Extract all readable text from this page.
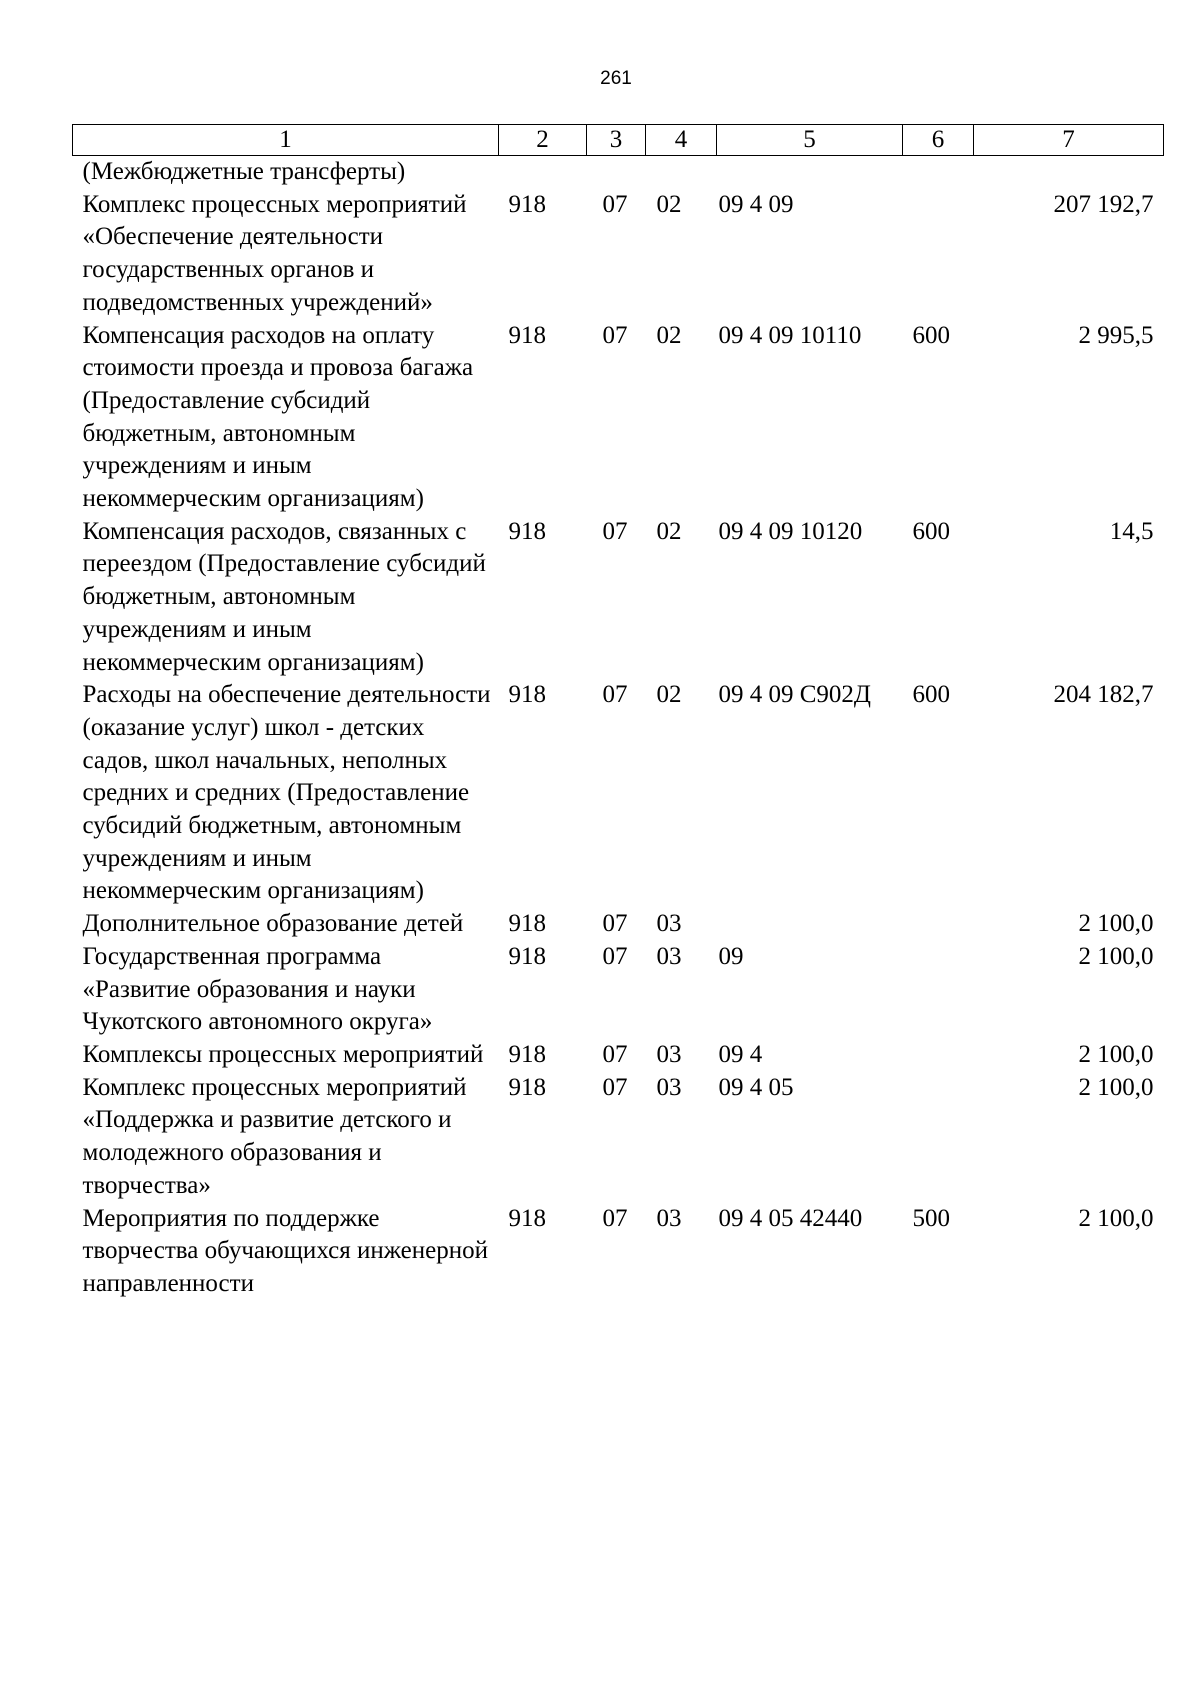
261
1	2	3	4	5	6	7
(Межбюджетные трансферты)						
Комплекс процессных мероприятий «Обеспечение деятельности государственных органов и подведомственных учреждений»	918	07	02	09 4 09		207 192,7
Компенсация расходов на оплату стоимости проезда и провоза багажа (Предоставление субсидий бюджетным, автономным учреждениям и иным некоммерческим организациям)	918	07	02	09 4 09 10110	600	2 995,5
Компенсация расходов, связанных с переездом (Предоставление субсидий бюджетным, автономным учреждениям и иным некоммерческим организациям)	918	07	02	09 4 09 10120	600	14,5
Расходы на обеспечение деятельности (оказание услуг) школ - детских садов, школ начальных, неполных средних и средних (Предоставление субсидий бюджетным, автономным учреждениям и иным некоммерческим организациям)	918	07	02	09 4 09 С902Д	600	204 182,7
Дополнительное образование детей	918	07	03			2 100,0
Государственная программа «Развитие образования и науки Чукотского автономного округа»	918	07	03	09		2 100,0
Комплексы процессных мероприятий	918	07	03	09 4		2 100,0
Комплекс процессных мероприятий «Поддержка и развитие детского и молодежного образования и творчества»	918	07	03	09 4 05		2 100,0
Мероприятия по поддержке творчества обучающихся инженерной направленности	918	07	03	09 4 05 42440	500	2 100,0
